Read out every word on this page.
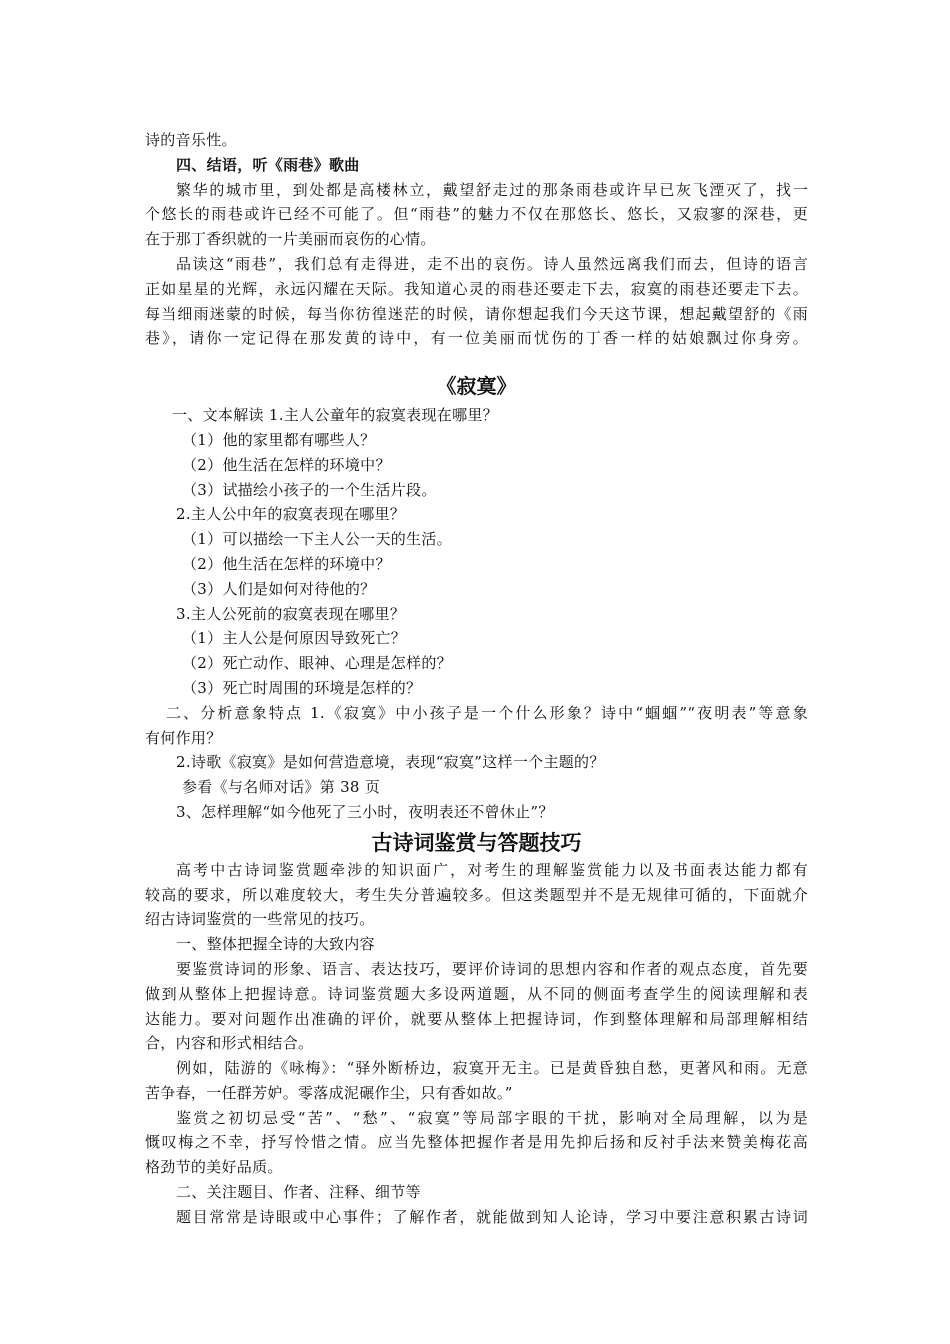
诗的音乐性。
四、结语，听《雨巷》歌曲
繁华的城市里，到处都是高楼林立，戴望舒走过的那条雨巷或许早已灰飞湮灭了，找一
个悠长的雨巷或许已经不可能了。但“雨巷”的魅力不仅在那悠长、悠长，又寂寥的深巷，更
在于那丁香织就的一片美丽而哀伤的心情。
品读这“雨巷”，我们总有走得进，走不出的哀伤。诗人虽然远离我们而去，但诗的语言
正如星星的光辉，永远闪耀在天际。我知道心灵的雨巷还要走下去，寂寞的雨巷还要走下去。
每当细雨迷蒙的时候，每当你彷徨迷茫的时候，请你想起我们今天这节课，想起戴望舒的《雨
巷》，请你一定记得在那发黄的诗中，有一位美丽而忧伤的丁香一样的姑娘飘过你身旁。
《寂寞》
一、文本解读 1.主人公童年的寂寞表现在哪里？
（1）他的家里都有哪些人？
（2）他生活在怎样的环境中？
（3）试描绘小孩子的一个生活片段。
2.主人公中年的寂寞表现在哪里？
（1）可以描绘一下主人公一天的生活。
（2）他生活在怎样的环境中？
（3）人们是如何对待他的？
3.主人公死前的寂寞表现在哪里？
（1）主人公是何原因导致死亡？
（2）死亡动作、眼神、心理是怎样的？
（3）死亡时周围的环境是怎样的？
二、分析意象特点 1.《寂寞》中小孩子是一个什么形象？诗中“蝈蝈”“夜明表”等意象
有何作用？
2.诗歌《寂寞》是如何营造意境，表现“寂寞”这样一个主题的？
参看《与名师对话》第 38 页
3、怎样理解“如今他死了三小时，夜明表还不曾休止”？
古诗词鉴赏与答题技巧
高考中古诗词鉴赏题牵涉的知识面广，对考生的理解鉴赏能力以及书面表达能力都有
较高的要求，所以难度较大，考生失分普遍较多。但这类题型并不是无规律可循的，下面就介
绍古诗词鉴赏的一些常见的技巧。
一、整体把握全诗的大致内容
要鉴赏诗词的形象、语言、表达技巧，要评价诗词的思想内容和作者的观点态度，首先要
做到从整体上把握诗意。诗词鉴赏题大多设两道题，从不同的侧面考查学生的阅读理解和表
达能力。要对问题作出准确的评价，就要从整体上把握诗词，作到整体理解和局部理解相结
合，内容和形式相结合。
例如，陆游的《咏梅》：“驿外断桥边，寂寞开无主。已是黄昏独自愁，更著风和雨。无意
苦争春，一任群芳妒。零落成泥碾作尘，只有香如故。”
鉴赏之初切忌受“苦”、“愁”、“寂寞”等局部字眼的干扰，影响对全局理解，以为是
慨叹梅之不幸，抒写怜惜之情。应当先整体把握作者是用先抑后扬和反衬手法来赞美梅花高
格劲节的美好品质。
二、关注题目、作者、注释、细节等
题目常常是诗眼或中心事件；了解作者，就能做到知人论诗，学习中要注意积累古诗词
